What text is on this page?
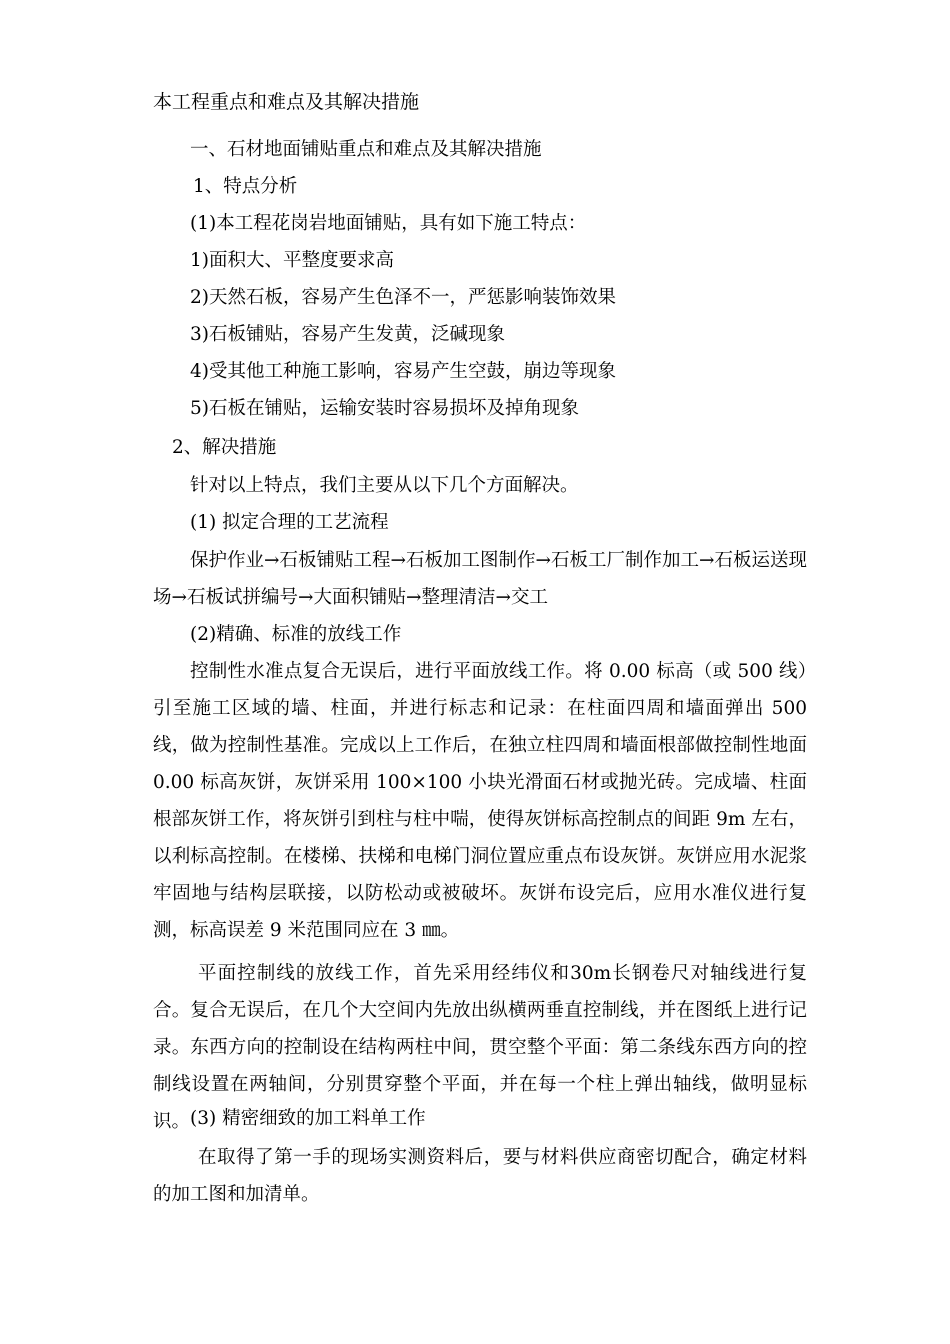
本工程重点和难点及其解决措施
一、石材地面铺贴重点和难点及其解决措施
1、特点分析
(1)本工程花岗岩地面铺贴，具有如下施工特点：
1)面积大、平整度要求高
2)天然石板，容易产生色泽不一，严惩影响装饰效果
3)石板铺贴，容易产生发黄，泛碱现象
4)受其他工种施工影响，容易产生空鼓，崩边等现象
5)石板在铺贴，运输安装时容易损坏及掉角现象
2、解决措施
针对以上特点，我们主要从以下几个方面解决。
(1) 拟定合理的工艺流程
保护作业→石板铺贴工程→石板加工图制作→石板工厂制作加工→石板运送现场→石板试拼编号→大面积铺贴→整理清洁→交工
(2)精确、标准的放线工作
控制性水准点复合无误后，进行平面放线工作。将 0.00 标高（或 500 线）引至施工区域的墙、柱面，并进行标志和记录：在柱面四周和墙面弹出 500 线，做为控制性基准。完成以上工作后，在独立柱四周和墙面根部做控制性地面 0.00 标高灰饼，灰饼采用 100×100 小块光滑面石材或抛光砖。完成墙、柱面根部灰饼工作，将灰饼引到柱与柱中喘，使得灰饼标高控制点的间距 9m 左右，以利标高控制。在楼梯、扶梯和电梯门洞位置应重点布设灰饼。灰饼应用水泥浆牢固地与结构层联接，以防松动或被破坏。灰饼布设完后，应用水准仪进行复测，标高误差 9 米范围同应在 3 ㎜。
平面控制线的放线工作，首先采用经纬仪和30m长钢卷尺对轴线进行复合。复合无误后，在几个大空间内先放出纵横两垂直控制线，并在图纸上进行记录。东西方向的控制设在结构两柱中间，贯空整个平面：第二条线东西方向的控制线设置在两轴间，分别贯穿整个平面，并在每一个柱上弹出轴线，做明显标识。 (3) 精密细致的加工料单工作
在取得了第一手的现场实测资料后，要与材料供应商密切配合，确定材料的加工图和加清单。
